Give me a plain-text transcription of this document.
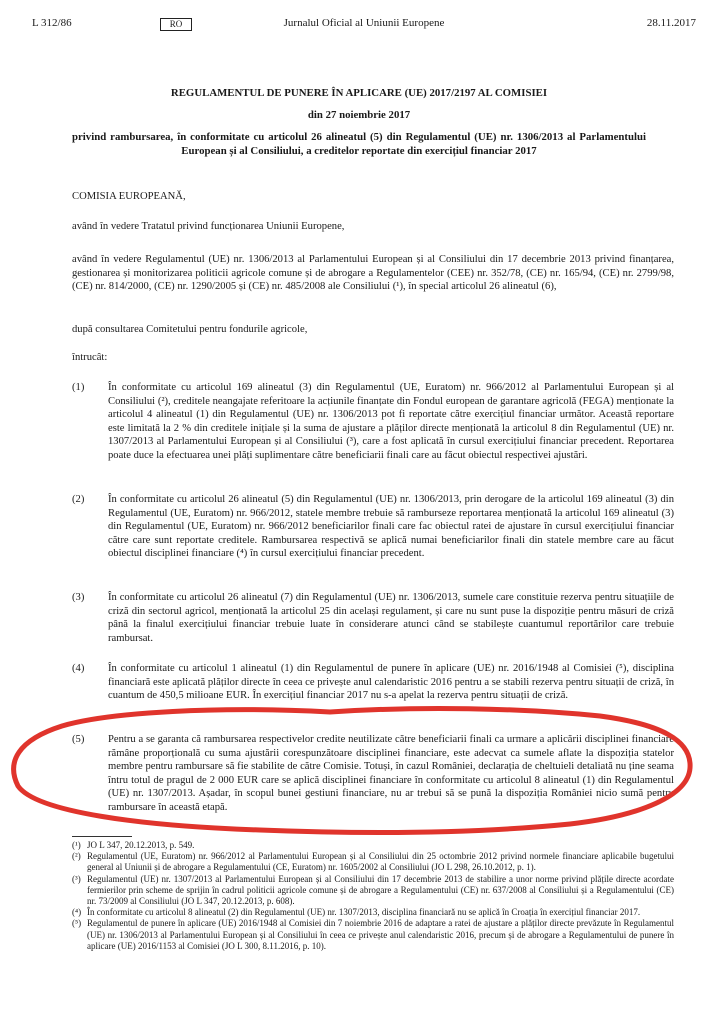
Jurnalul Oficial al Uniunii Europene
L 312/86	RO	28.11.2017

REGULAMENTUL DE PUNERE ÎN APLICARE (UE) 2017/2197 AL COMISIEI

din 27 noiembrie 2017

privind rambursarea, în conformitate cu articolul 26 alineatul (5) din Regulamentul (UE) nr. 1306/2013 al Parlamentului European și al Consiliului, a creditelor reportate din exercițiul financiar 2017

COMISIA EUROPEANĂ,
având în vedere Tratatul privind funcționarea Uniunii Europene,
având în vedere Regulamentul (UE) nr. 1306/2013 al Parlamentului European și al Consiliului din 17 decembrie 2013 privind finanțarea, gestionarea și monitorizarea politicii agricole comune și de abrogare a Regulamentelor (CEE) nr. 352/78, (CE) nr. 165/94, (CE) nr. 2799/98, (CE) nr. 814/2000, (CE) nr. 1290/2005 și (CE) nr. 485/2008 ale Consiliului (¹), în special articolul 26 alineatul (6),
după consultarea Comitetului pentru fondurile agricole,
întrucât:
(1) În conformitate cu articolul 169 alineatul (3) din Regulamentul (UE, Euratom) nr. 966/2012 al Parlamentului European și al Consiliului (²), creditele neangajate referitoare la acțiunile finanțate din Fondul european de garantare agricolă (FEGA) menționate la articolul 4 alineatul (1) din Regulamentul (UE) nr. 1306/2013 pot fi reportate către exercițiul financiar următor. Această reportare este limitată la 2 % din creditele inițiale și la suma de ajustare a plăților directe menționată la articolul 8 din Regulamentul (UE) nr. 1307/2013 al Parlamentului European și al Consiliului (³), care a fost aplicată în cursul exercițiului financiar precedent. Reportarea poate duce la efectuarea unei plăți suplimentare către beneficiarii finali care au făcut obiectul respectivei ajustări.
(2) În conformitate cu articolul 26 alineatul (5) din Regulamentul (UE) nr. 1306/2013, prin derogare de la articolul 169 alineatul (3) din Regulamentul (UE, Euratom) nr. 966/2012, statele membre trebuie să ramburseze reportarea menționată la articolul 169 alineatul (3) din Regulamentul (UE, Euratom) nr. 966/2012 beneficiarilor finali care fac obiectul ratei de ajustare în cursul exercițiului financiar către care sunt reportate creditele. Rambursarea respectivă se aplică numai beneficiarilor finali din statele membre care au făcut obiectul disciplinei financiare (⁴) în cursul exercițiului financiar precedent.
(3) În conformitate cu articolul 26 alineatul (7) din Regulamentul (UE) nr. 1306/2013, sumele care constituie rezerva pentru situațiile de criză din sectorul agricol, menționată la articolul 25 din același regulament, și care nu sunt puse la dispoziție pentru măsuri de criză până la finalul exercițiului financiar trebuie luate în considerare atunci când se stabilește cuantumul reportărilor care trebuie rambursat.
(4) În conformitate cu articolul 1 alineatul (1) din Regulamentul de punere în aplicare (UE) nr. 2016/1948 al Comisiei (⁵), disciplina financiară este aplicată plăților directe în ceea ce privește anul calendaristic 2016 pentru a se stabili rezerva pentru situații de criză, în cuantum de 450,5 milioane EUR. În exercițiul financiar 2017 nu s-a apelat la rezerva pentru situații de criză.
(5) Pentru a se garanta că rambursarea respectivelor credite neutilizate către beneficiarii finali ca urmare a aplicării disciplinei financiare rămâne proporțională cu suma ajustării corespunzătoare disciplinei financiare, este adecvat ca sumele aflate la dispoziția statelor membre pentru rambursare să fie stabilite de către Comisie. Totuși, în cazul României, declarația de cheltuieli detaliată nu ține seama întru totul de pragul de 2 000 EUR care se aplică disciplinei financiare în conformitate cu articolul 8 alineatul (1) din Regulamentul (UE) nr. 1307/2013. Așadar, în scopul bunei gestiuni financiare, nu ar trebui să se pună la dispoziția României nicio sumă pentru rambursare în această etapă.
(¹) JO L 347, 20.12.2013, p. 549.
(²) Regulamentul (UE, Euratom) nr. 966/2012 al Parlamentului European și al Consiliului din 25 octombrie 2012 privind normele financiare aplicabile bugetului general al Uniunii și de abrogare a Regulamentului (CE, Euratom) nr. 1605/2002 al Consiliului (JO L 298, 26.10.2012, p. 1).
(³) Regulamentul (UE) nr. 1307/2013 al Parlamentului European și al Consiliului din 17 decembrie 2013 de stabilire a unor norme privind plățile directe acordate fermierilor prin scheme de sprijin în cadrul politicii agricole comune și de abrogare a Regulamentului (CE) nr. 637/2008 al Consiliului și a Regulamentului (CE) nr. 73/2009 al Consiliului (JO L 347, 20.12.2013, p. 608).
(⁴) În conformitate cu articolul 8 alineatul (2) din Regulamentul (UE) nr. 1307/2013, disciplina financiară nu se aplică în Croația în exercițiul financiar 2017.
(⁵) Regulamentul de punere în aplicare (UE) 2016/1948 al Comisiei din 7 noiembrie 2016 de adaptare a ratei de ajustare a plăților directe prevăzute în Regulamentul (UE) nr. 1306/2013 al Parlamentului European și al Consiliului în ceea ce privește anul calendaristic 2016, precum și de abrogare a Regulamentului de punere în aplicare (UE) 2016/1153 al Comisiei (JO L 300, 8.11.2016, p. 10).
